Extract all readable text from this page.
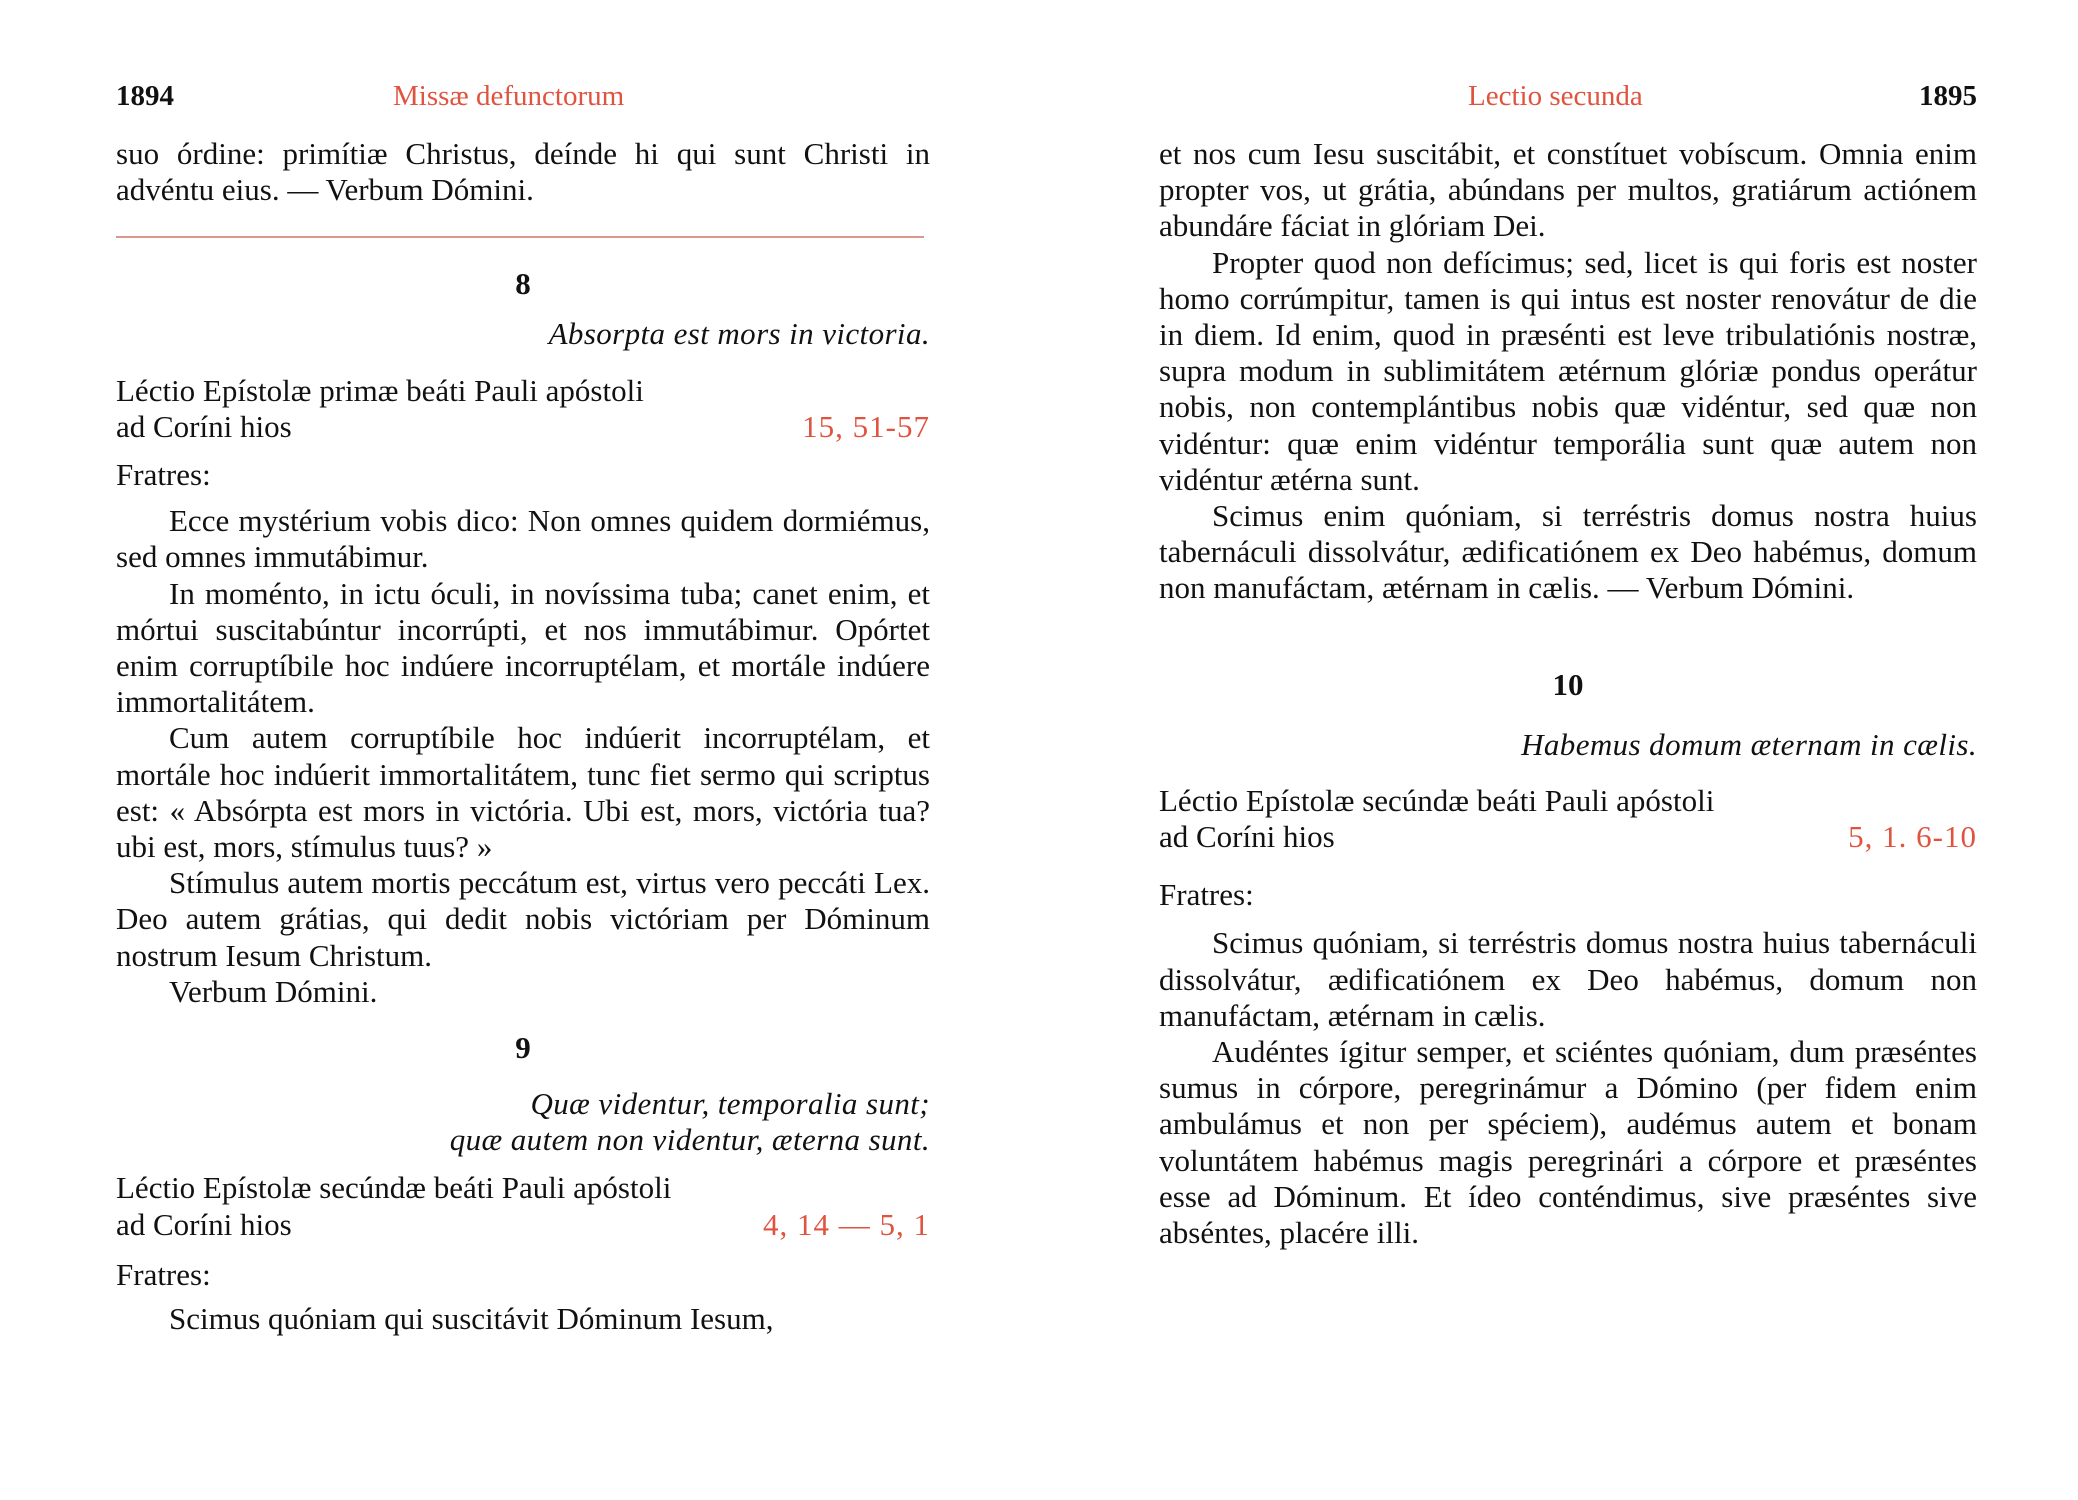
1894	Missæ defunctorum

suo órdine: primítiæ Christus, deínde hi qui sunt Christi in advéntu eius. — Verbum Dómini.

8
Absorpta est mors in victoria.
Léctio Epístolæ primæ beáti Pauli apóstoli
ad Coríni hios	15, 51-57
Fratres:

Ecce mystérium vobis dico: Non omnes quidem dormiémus, sed omnes immutábimur.

In moménto, in ictu óculi, in novíssima tuba; canet enim, et mórtui suscitabúntur incorrúpti, et nos immutábimur. Opórtet enim corruptíbile hoc indúere incorruptélam, et mortále indúere immortalitátem.

Cum autem corruptíbile hoc indúerit incorruptélam, et mortále hoc indúerit immortalitátem, tunc fiet sermo qui scriptus est: « Absórpta est mors in victória. Ubi est, mors, victória tua? ubi est, mors, stímulus tuus? »

Stímulus autem mortis peccátum est, virtus vero peccáti Lex. Deo autem grátias, qui dedit nobis victóriam per Dóminum nostrum Iesum Christum.

Verbum Dómini.

9
Quæ videntur, temporalia sunt;
quæ autem non videntur, æterna sunt.
Léctio Epístolæ secúndæ beáti Pauli apóstoli
ad Coríni hios	4, 14 — 5, 1
Fratres:

Scimus quóniam qui suscitávit Dóminum Iesum,

Lectio secunda	1895

et nos cum Iesu suscitábit, et constítuet vobíscum. Omnia enim propter vos, ut grátia, abúndans per multos, gratiárum actiónem abundáre fáciat in glóriam Dei.

Propter quod non defícimus; sed, licet is qui foris est noster homo corrúmpitur, tamen is qui intus est noster renovátur de die in diem. Id enim, quod in præsénti est leve tribulatiónis nostræ, supra modum in sublimitátem ætérnum glóriæ pondus operátur nobis, non contemplántibus nobis quæ vidéntur, sed quæ non vidéntur: quæ enim vidéntur temporália sunt quæ autem non vidéntur ætérna sunt.

Scimus enim quóniam, si terréstris domus nostra huius tabernáculi dissolvátur, ædificatiónem ex Deo habémus, domum non manufáctam, ætérnam in cælis. — Verbum Dómini.

10
Habemus domum æternam in cælis.
Léctio Epístolæ secúndæ beáti Pauli apóstoli
ad Coríni hios	5, 1. 6-10
Fratres:

Scimus quóniam, si terréstris domus nostra huius tabernáculi dissolvátur, ædificatiónem ex Deo habémus, domum non manufáctam, ætérnam in cælis.

Audéntes ígitur semper, et sciéntes quóniam, dum præséntes sumus in córpore, peregrinámur a Dómino (per fidem enim ambulámus et non per spéciem), audémus autem et bonam voluntátem habémus magis peregrinári a córpore et præséntes esse ad Dóminum. Et ídeo conténdimus, sive præséntes sive abséntes, placére illi.
